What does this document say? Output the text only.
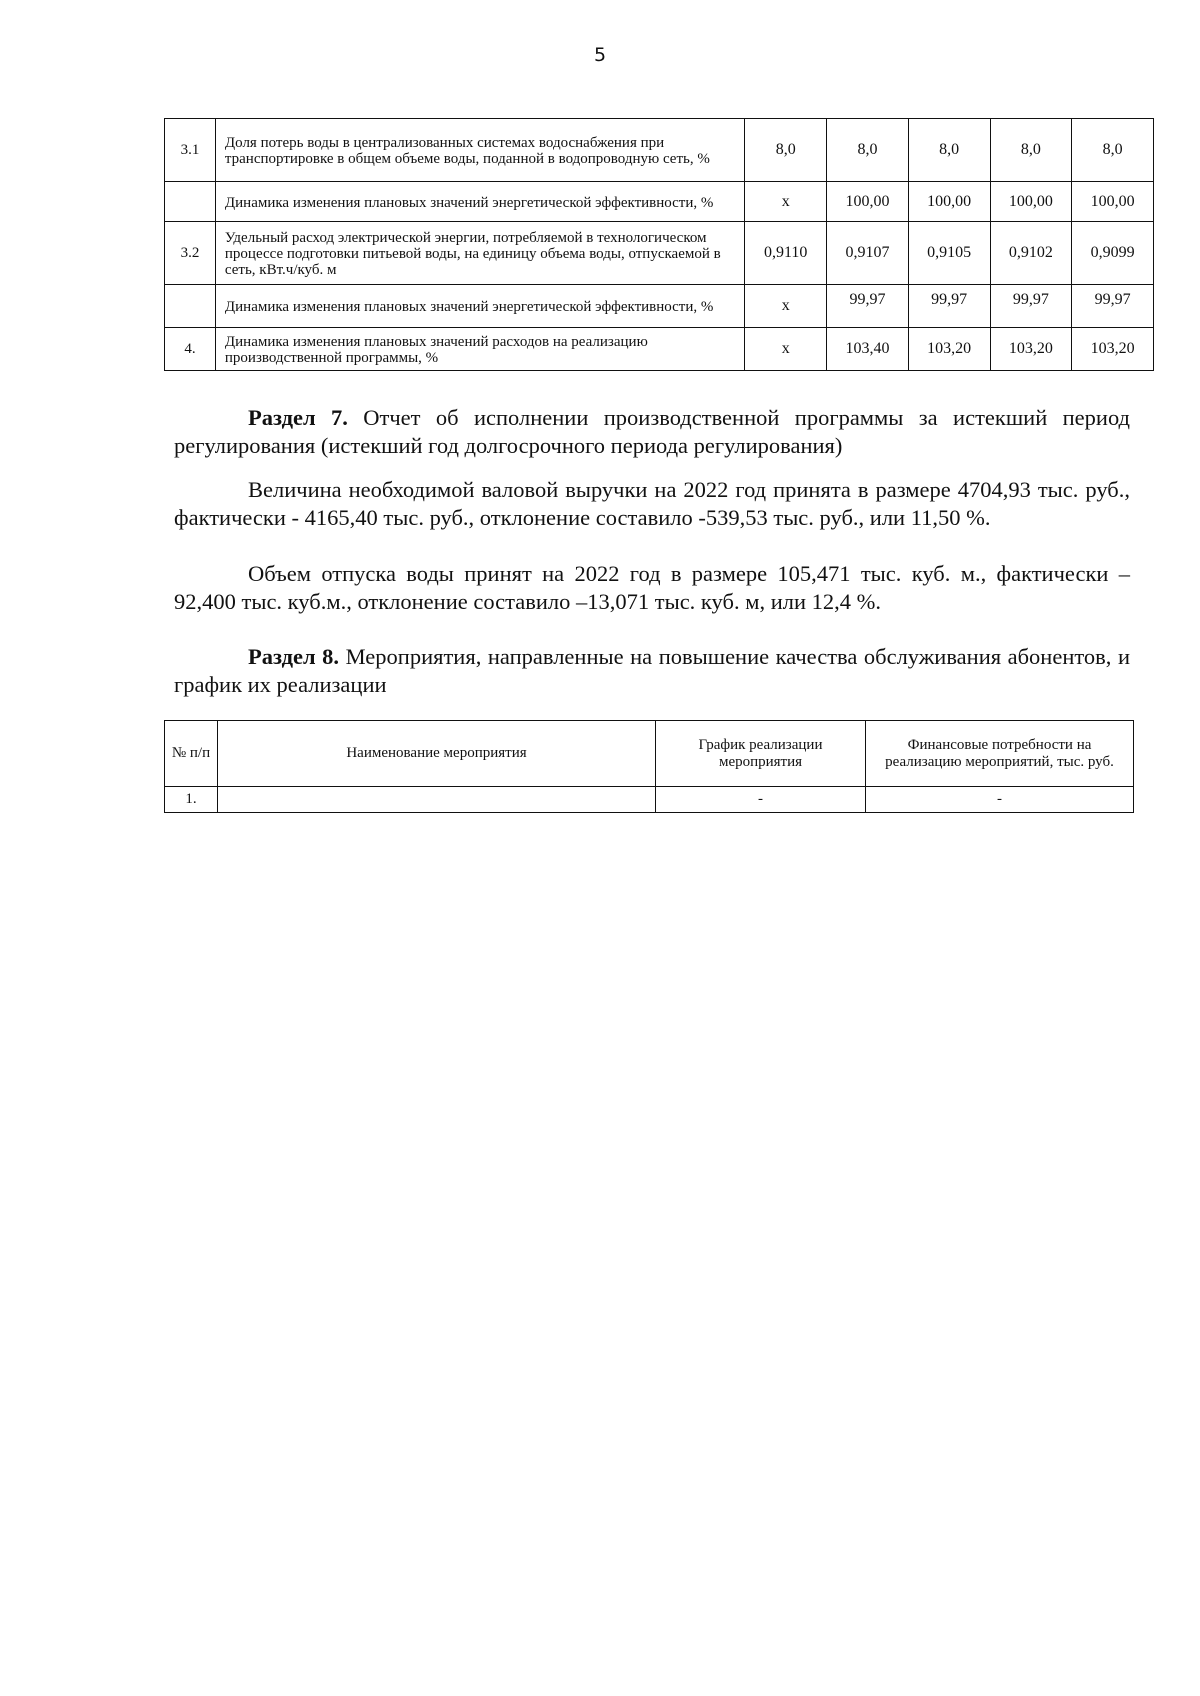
5
3.1	Доля потерь воды в централизованных системах водоснабжения при транспортировке в общем объеме воды, поданной в водопроводную сеть, %	8,0	8,0	8,0	8,0	8,0
	Динамика изменения плановых значений энергетической эффективности, %	х	100,00	100,00	100,00	100,00
3.2	Удельный расход электрической энергии, потребляемой в технологическом процессе подготовки питьевой воды, на единицу объема воды, отпускаемой в сеть, кВт.ч/куб. м	0,9110	0,9107	0,9105	0,9102	0,9099
	Динамика изменения плановых значений энергетической эффективности, %	х	99,97	99,97	99,97	99,97
4.	Динамика изменения плановых значений расходов на реализацию производственной программы, %	х	103,40	103,20	103,20	103,20

Раздел 7. Отчет об исполнении производственной программы за истекший период регулирования (истекший год долгосрочного периода регулирования)

Величина необходимой валовой выручки на 2022 год принята в размере 4704,93 тыс. руб., фактически - 4165,40 тыс. руб., отклонение составило -539,53 тыс. руб., или 11,50 %.

Объем отпуска воды принят на 2022 год в размере 105,471 тыс. куб. м., фактически – 92,400 тыс. куб.м., отклонение составило –13,071 тыс. куб. м, или 12,4 %.

Раздел 8. Мероприятия, направленные на повышение качества обслуживания абонентов, и график их реализации

№ п/п	Наименование мероприятия	График реализации мероприятия	Финансовые потребности на реализацию мероприятий, тыс. руб.
1.		-	-
